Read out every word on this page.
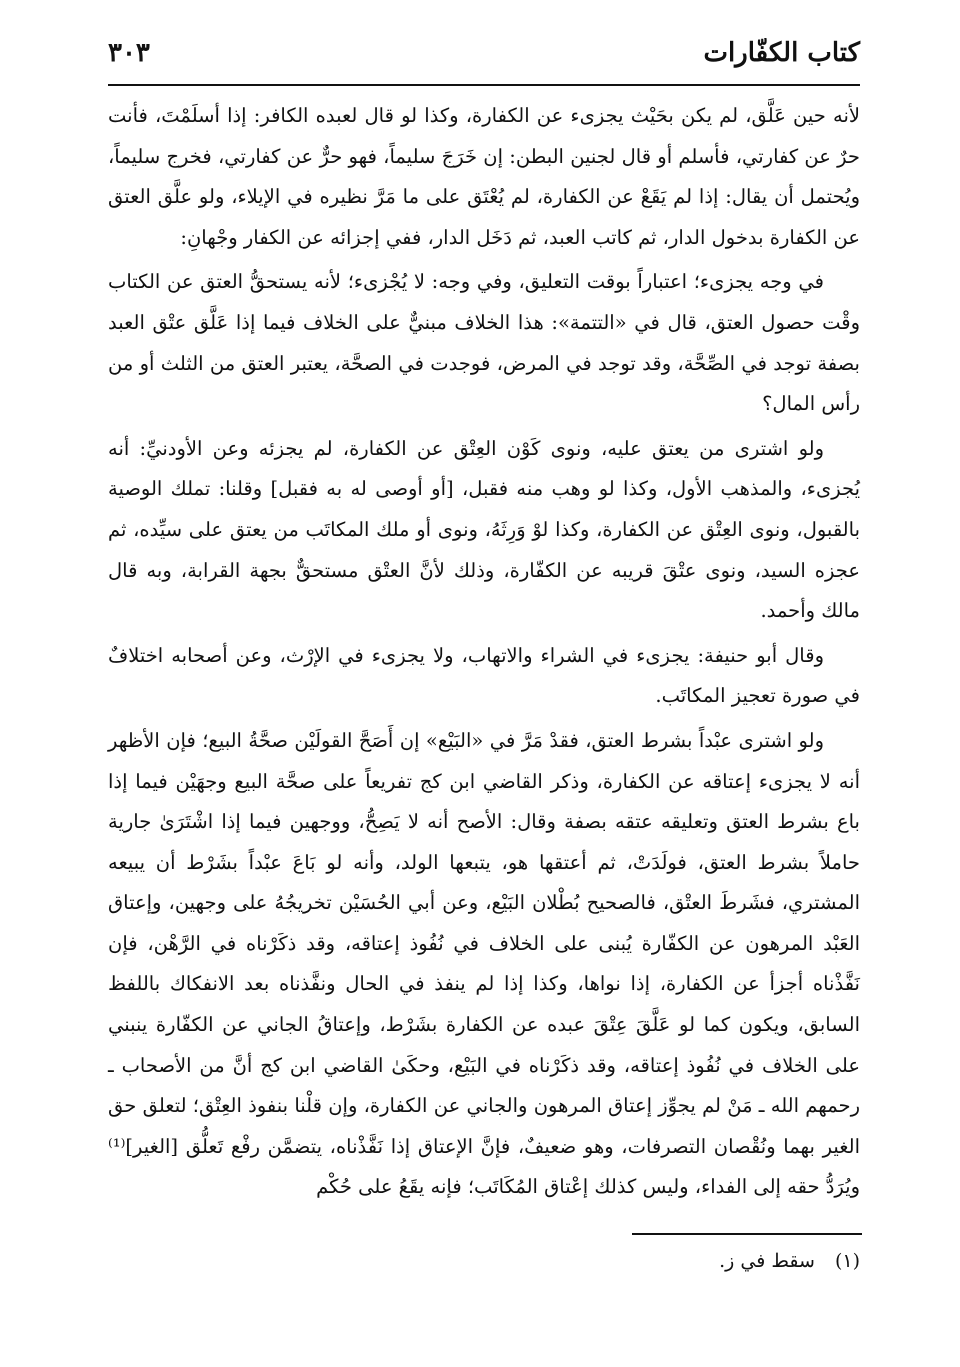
كتاب الكفّارات
٣٠٣

لأنه حين عَلَّق، لم يكن بحَيْث يجزىء عن الكفارة، وكذا لو قال لعبده الكافر: إذا أسلَمْتَ، فأنت حرٌ عن كفارتي، فأسلم أو قال لجنين البطن: إن خَرَجَ سليماً، فهو حرٌّ عن كفارتي، فخرج سليماً، ويُحتمل أن يقال: إذا لم يَقَعْ عن الكفارة، لم يُعْتَق على ما مَرَّ نظيره في الإيلاء، ولو علَّق العتق عن الكفارة بدخول الدار، ثم كاتب العبد، ثم دَخَل الدار، ففي إجزائه عن الكفار وجْهانِ:

في وجه يجزىء؛ اعتباراً بوقت التعليق، وفي وجه: لا يُجْزىء؛ لأنه يستحقُّ العتق عن الكتاب وقْت حصول العتق، قال في «التتمة»: هذا الخلاف مبنيٌّ على الخلاف فيما إذا عَلَّق عتْق العبد بصفة توجد في الصِّحَّة، وقد توجد في المرض، فوجدت في الصحَّة، يعتبر العتق من الثلث أو من رأس المال؟

ولو اشترى من يعتق عليه، ونوى كَوْن العِتْق عن الكفارة، لم يجزئه وعن الأودنيِّ: أنه يُجزىء، والمذهب الأول، وكذا لو وهب منه فقبل، [أو أوصى له به فقبل] وقلنا: تملك الوصية بالقبول، ونوى العِتْق عن الكفارة، وكذا لوْ وَرِثَهُ، ونوى أو ملك المكاتَب من يعتق على سيِّده، ثم عجزه السيد، ونوى عتْقَ قريبه عن الكفّارة، وذلك لأنَّ العتْق مستحقٌّ بجهة القرابة، وبه قال مالك وأحمد.

وقال أبو حنيفة: يجزىء في الشراء والاتهاب، ولا يجزىء في الإرْث، وعن أصحابه اختلافٌ في صورة تعجيز المكاتَب.

ولو اشترى عبْداً بشرط العتق، فقدْ مَرَّ في «البَيْع» إن أَصَحَّ القولَيْن صحَّةُ البيع؛ فإن الأظهر أنه لا يجزىء إعتاقه عن الكفارة، وذكر القاضي ابن كج تفريعاً على صحَّة البيع وجهَيْن فيما إذا باع بشرط العتق وتعليقه عتقه بصفة وقال: الأصح أنه لا يَصِحُّ، ووجهين فيما إذا اشْتَرَىٰ جارية حاملاً بشرط العتق، فولَدَتْ، ثم أعتقها هو، يتبعها الولد، وأنه لو بَاعَ عبْداً بشَرْط أن يبيعه المشتري، فشَرطَ العتْق، فالصحيح بُطْلان البَيْع، وعن أبي الحُسَيْن تخريجُهُ على وجهين، وإعتاق العَبْد المرهون عن الكفّارة يُبنى على الخلاف في نُفُوذ إعتاقه، وقد ذكَرْناه في الرَّهْن، فإن نَفَّذْناه أجزأ عن الكفارة، إذا نواها، وكذا إذا لم ينفذ في الحال ونفَّذناه بعد الانفكاك باللفظ السابق، ويكون كما لو عَلَّقَ عِتْقَ عبده عن الكفارة بشَرْط، وإعتاقُ الجاني عن الكفّارة ينبني على الخلاف في نُفُوذ إعتاقه، وقد ذكَرْناه في البَيْع، وحكَىٰ القاضي ابن كج أنَّ من الأصحاب ـ رحمهم الله ـ مَنْ لم يجوِّز إعتاق المرهون والجاني عن الكفارة، وإن قلْنا بنفوذ العِتْق؛ لتعلق حق الغير بهما ونُقْصان التصرفات، وهو ضعيفٌ، فإنَّ الإعتاق إذا نَفَّذْناه، يتضمَّن رفْع تَعلُّق [الغير]⁽¹⁾ ويُرَدُّ حقه إلى الفداء، وليس كذلك إعْتاق المُكَاتَب؛ فإنه يقَعُ على حُكْم

(١) سقط في ز.
